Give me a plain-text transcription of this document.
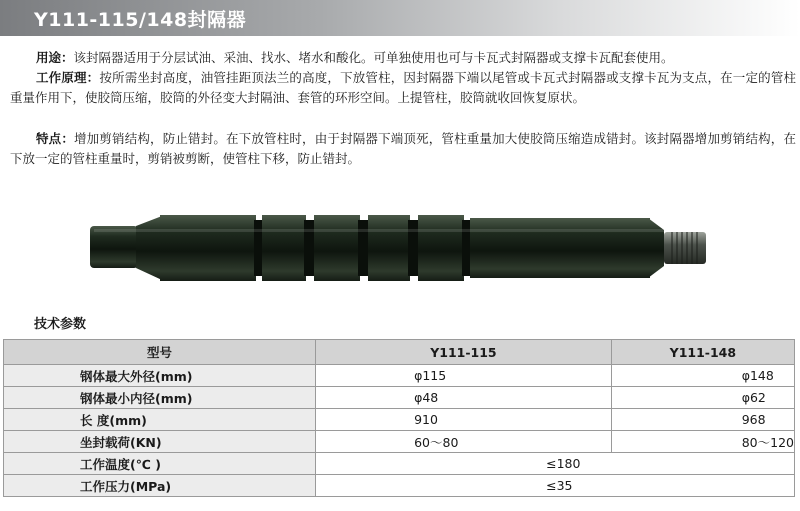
Y111-115/148封隔器
用途：该封隔器适用于分层试油、采油、找水、堵水和酸化。可单独使用也可与卡瓦式封隔器或支撑卡瓦配套使用。
工作原理：按所需坐封高度，油管挂距顶法兰的高度，下放管柱，因封隔器下端以尾管或卡瓦式封隔器或支撑卡瓦为支点，在一定的管柱重量作用下，使胶筒压缩，胶筒的外径变大封隔油、套管的环形空间。上提管柱，胶筒就收回恢复原状。
特点：增加剪销结构，防止错封。在下放管柱时，由于封隔器下端顶死，管柱重量加大使胶筒压缩造成错封。该封隔器增加剪销结构，在下放一定的管柱重量时，剪销被剪断，使管柱下移，防止错封。
技术参数
型号	Y111-115	Y111-148
钢体最大外径(mm)	φ115	φ148
钢体最小内径(mm)	φ48	φ62
长 度(mm)	910	968
坐封载荷(KN)	60～80	80～120
工作温度(℃ )	≤180	
工作压力(MPa)	≤35	
